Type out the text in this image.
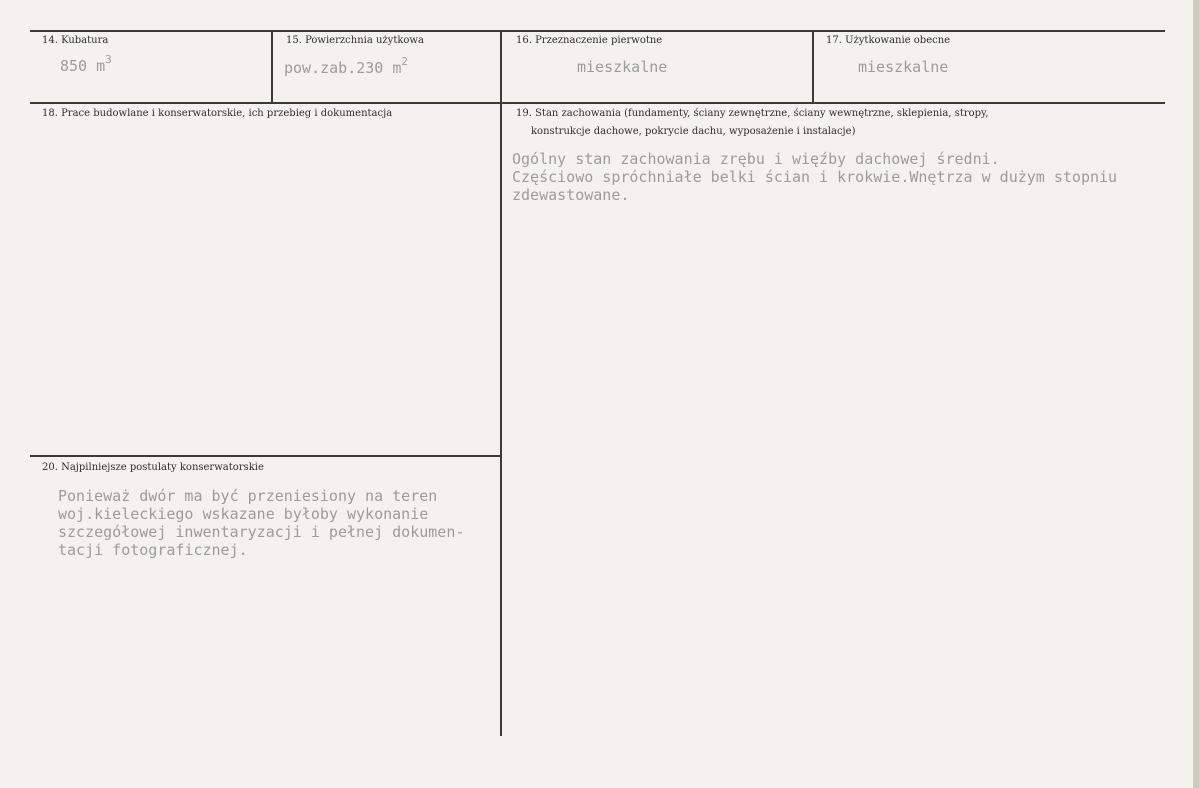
14. Kubatura
850 $m^3$
15. Powierzchnia użytkowa
pow.zab.230 $m^2$
16. Przeznaczenie pierwotne
mieszkalne
17. Użytkowanie obecne
mieszkalne
18. Prace budowlane i konserwatorskie, ich przebieg i dokumentacja	19. Stan zachowania (fundamenty, ściany zewnętrzne, ściany wewnętrzne, sklepienia, stropy,
konstrukcje dachowe, pokrycie dachu, wyposażenie i instalacje)
Ogólny stan zachowania zrębu i więźby dachowej średni.
Częściowo spróchniałe belki ścian i krokwie.Wnętrza w dużym stopniu
zdewastowane.
20. Najpilniejsze postulaty konserwatorskie
Ponieważ dwór ma być przeniesiony na teren
woj.kieleckiego wskazane byłoby wykonanie
szczegółowej inwentaryzacji i pełnej dokumen-
tacji fotograficznej.
